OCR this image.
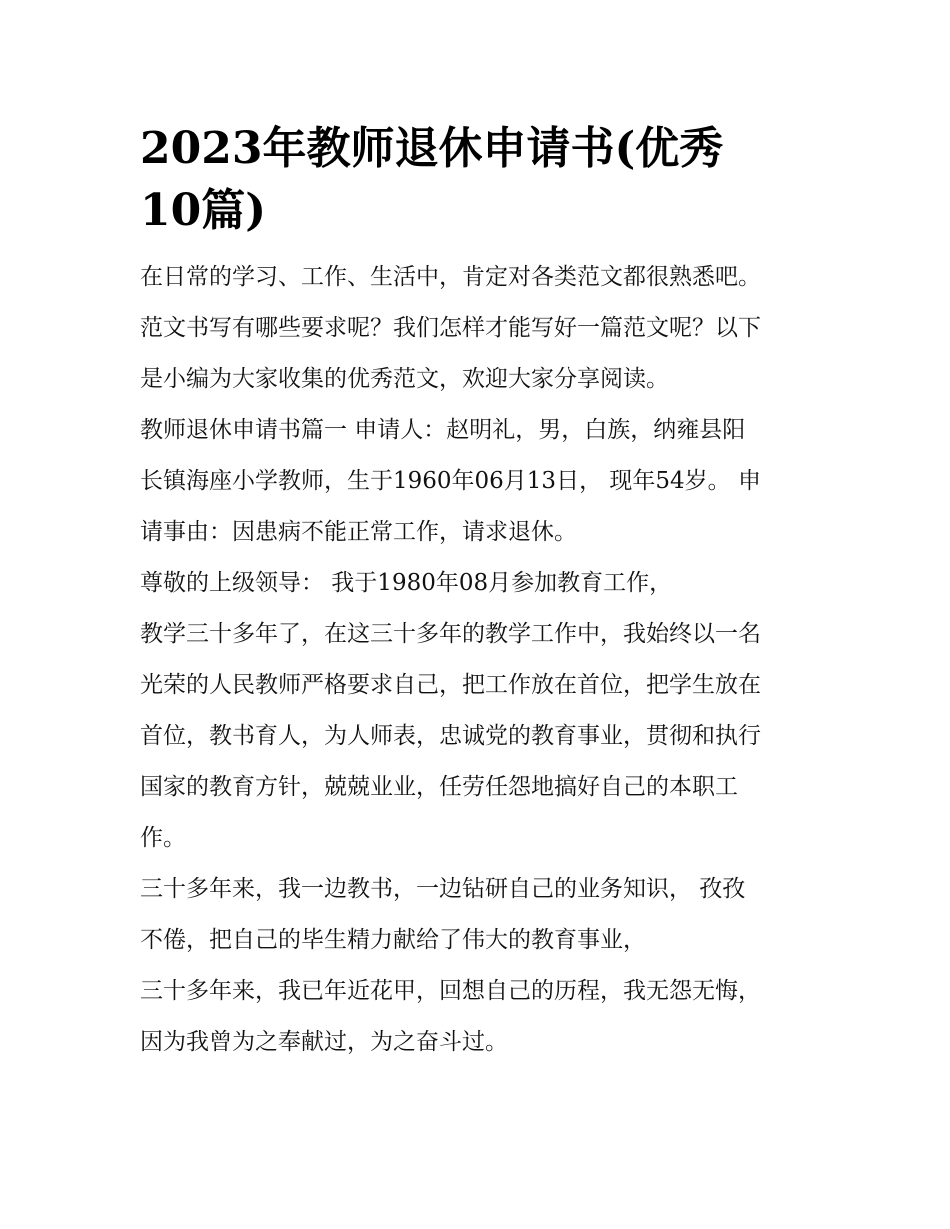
2023年教师退休申请书(优秀
10篇)

在日常的学习、工作、生活中，肯定对各类范文都很熟悉吧。
范文书写有哪些要求呢？我们怎样才能写好一篇范文呢？以下
是小编为大家收集的优秀范文，欢迎大家分享阅读。

教师退休申请书篇一 申请人：赵明礼，男，白族，纳雍县阳
长镇海座小学教师，生于1960年06月13日， 现年54岁。 申
请事由：因患病不能正常工作，请求退休。

尊敬的上级领导： 我于1980年08月参加教育工作，

教学三十多年了，在这三十多年的教学工作中，我始终以一名
光荣的人民教师严格要求自己，把工作放在首位，把学生放在
首位，教书育人，为人师表，忠诚党的教育事业，贯彻和执行
国家的教育方针，兢兢业业，任劳任怨地搞好自己的本职工
作。

三十多年来，我一边教书，一边钻研自己的业务知识， 孜孜
不倦，把自己的毕生精力献给了伟大的教育事业，

三十多年来，我已年近花甲，回想自己的历程，我无怨无悔，
因为我曾为之奉献过，为之奋斗过。
